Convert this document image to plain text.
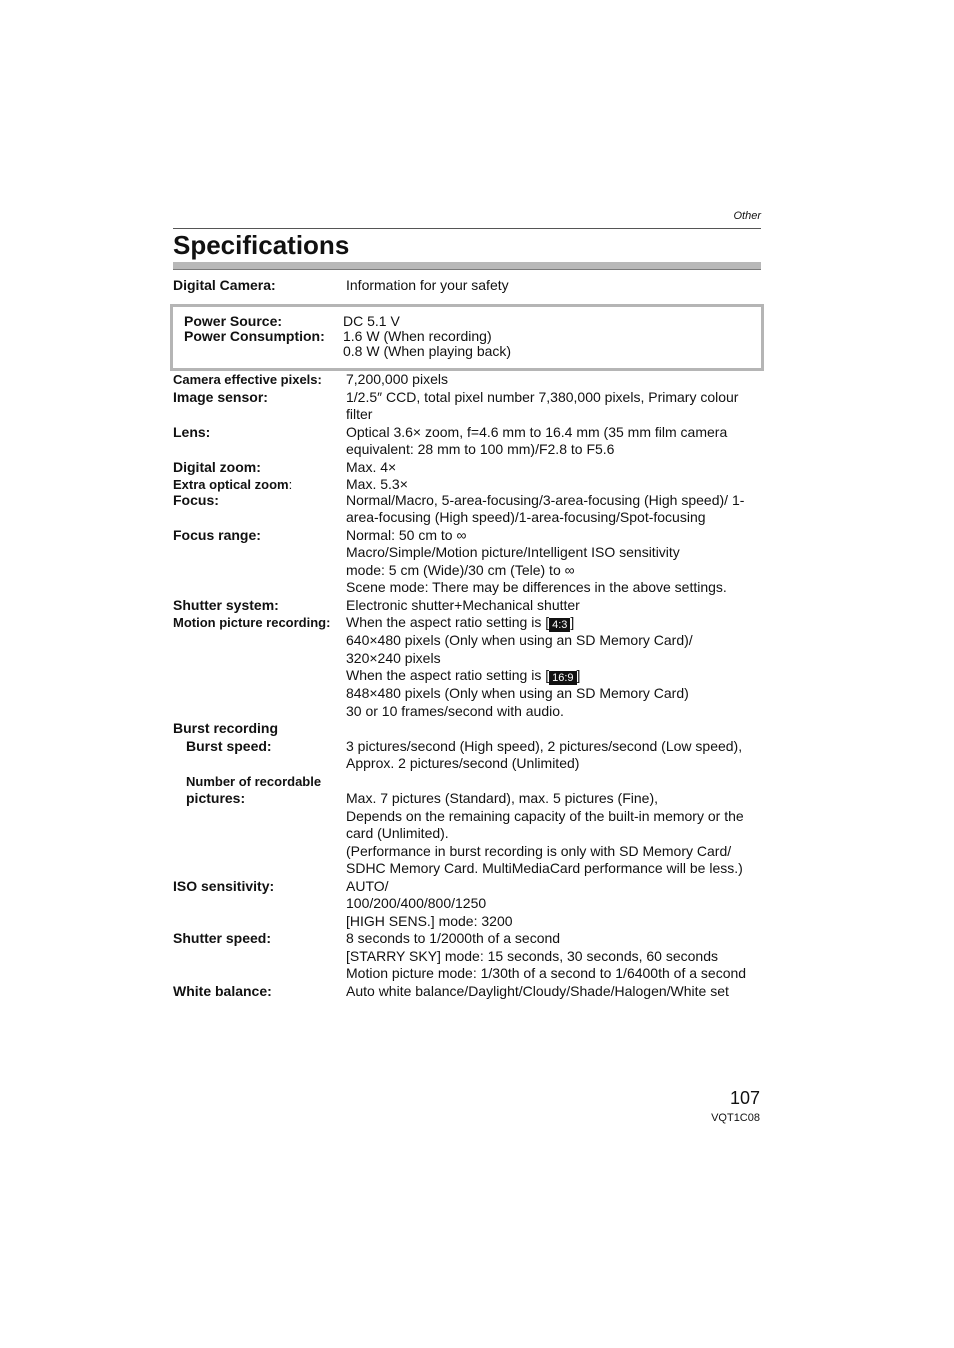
Other
Specifications
Digital Camera:	Information for your safety
Power Source:	DC 5.1 V
Power Consumption:	1.6 W (When recording)
0.8 W (When playing back)
Camera effective pixels:	7,200,000 pixels
Image sensor:	1/2.5″ CCD, total pixel number 7,380,000 pixels, Primary colour filter
Lens:	Optical 3.6× zoom, f=4.6 mm to 16.4 mm (35 mm film camera equivalent: 28 mm to 100 mm)/F2.8 to F5.6
Digital zoom:	Max. 4×
Extra optical zoom:	Max. 5.3×
Focus:	Normal/Macro, 5-area-focusing/3-area-focusing (High speed)/ 1-area-focusing (High speed)/1-area-focusing/Spot-focusing
Focus range:	Normal: 50 cm to ∞
Macro/Simple/Motion picture/Intelligent ISO sensitivity
mode: 5 cm (Wide)/30 cm (Tele) to ∞
Scene mode: There may be differences in the above settings.
Shutter system:	Electronic shutter+Mechanical shutter
Motion picture recording:	When the aspect ratio setting is [ 4:3 ]
640×480 pixels (Only when using an SD Memory Card)/
320×240 pixels
When the aspect ratio setting is [ 16:9 ]
848×480 pixels (Only when using an SD Memory Card)
30 or 10 frames/second with audio.
Burst recording
Burst speed:	3 pictures/second (High speed), 2 pictures/second (Low speed),
Approx. 2 pictures/second (Unlimited)
Number of recordable
pictures:	Max. 7 pictures (Standard), max. 5 pictures (Fine),
Depends on the remaining capacity of the built-in memory or the card (Unlimited).
(Performance in burst recording is only with SD Memory Card/ SDHC Memory Card. MultiMediaCard performance will be less.)
ISO sensitivity:	AUTO/
100/200/400/800/1250
[HIGH SENS.] mode: 3200
Shutter speed:	8 seconds to 1/2000th of a second
[STARRY SKY] mode: 15 seconds, 30 seconds, 60 seconds
Motion picture mode: 1/30th of a second to 1/6400th of a second
White balance:	Auto white balance/Daylight/Cloudy/Shade/Halogen/White set
107
VQT1C08
